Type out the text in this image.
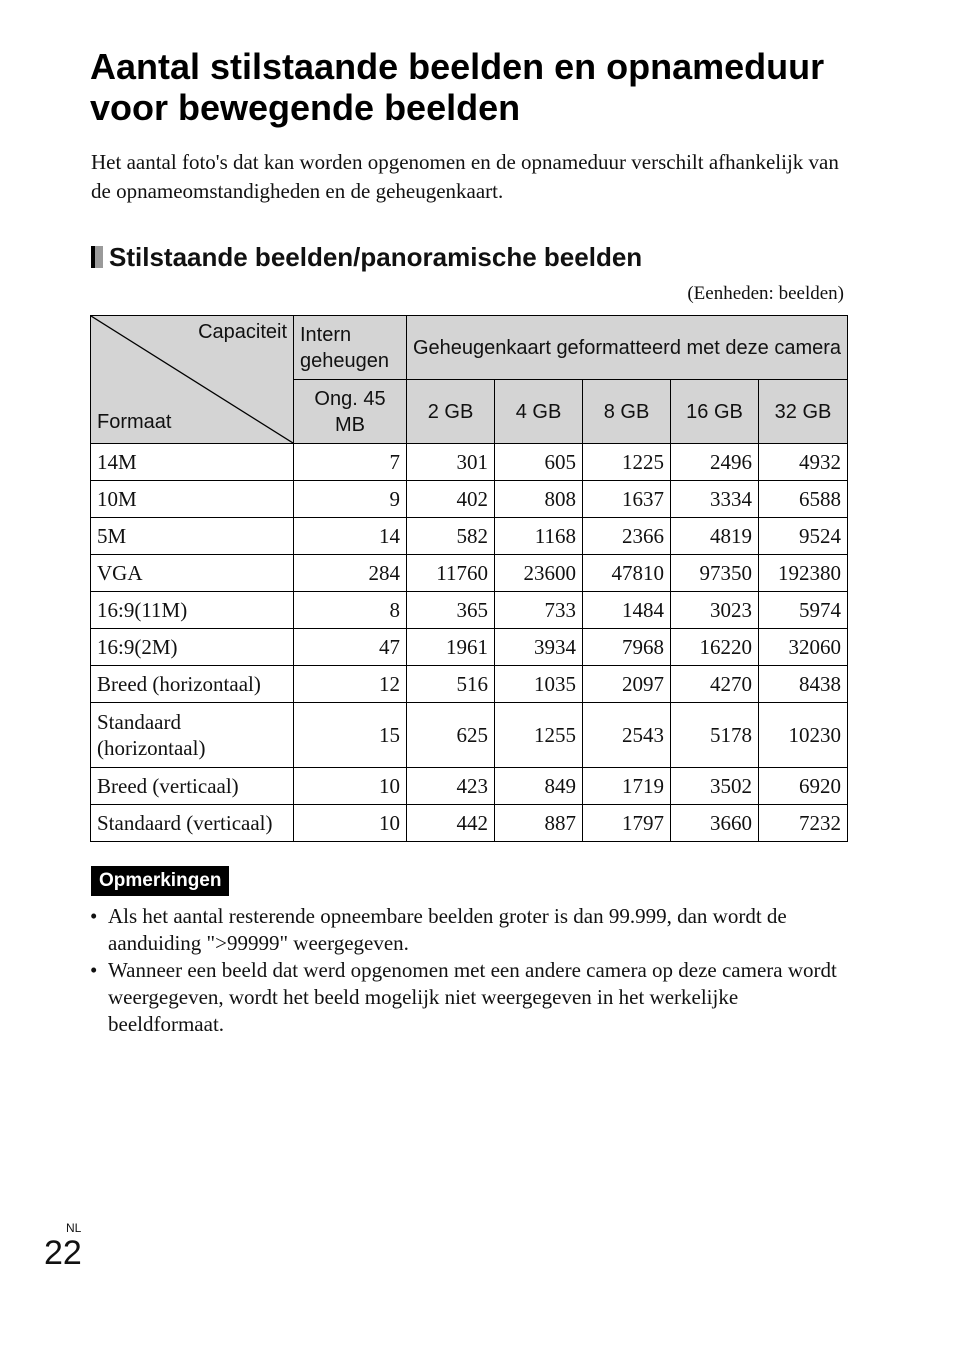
Aantal stilstaande beelden en opnameduur voor bewegende beelden

Het aantal foto's dat kan worden opgenomen en de opnameduur verschilt afhankelijk van de opnameomstandigheden en de geheugenkaart.

Stilstaande beelden/panoramische beelden
(Eenheden: beelden)
Capaciteit
Formaat	Intern geheugen	Geheugenkaart geformatteerd met deze camera				
	Ong. 45 MB	2 GB	4 GB	8 GB	16 GB	32 GB
14M	7	301	605	1225	2496	4932
10M	9	402	808	1637	3334	6588
5M	14	582	1168	2366	4819	9524
VGA	284	11760	23600	47810	97350	192380
16:9(11M)	8	365	733	1484	3023	5974
16:9(2M)	47	1961	3934	7968	16220	32060
Breed (horizontaal)	12	516	1035	2097	4270	8438
Standaard (horizontaal)	15	625	1255	2543	5178	10230
Breed (verticaal)	10	423	849	1719	3502	6920
Standaard (verticaal)	10	442	887	1797	3660	7232
Opmerkingen
• Als het aantal resterende opneembare beelden groter is dan 99.999, dan wordt de aanduiding ">99999" weergegeven.
• Wanneer een beeld dat werd opgenomen met een andere camera op deze camera wordt weergegeven, wordt het beeld mogelijk niet weergegeven in het werkelijke beeldformaat.
NL
22
